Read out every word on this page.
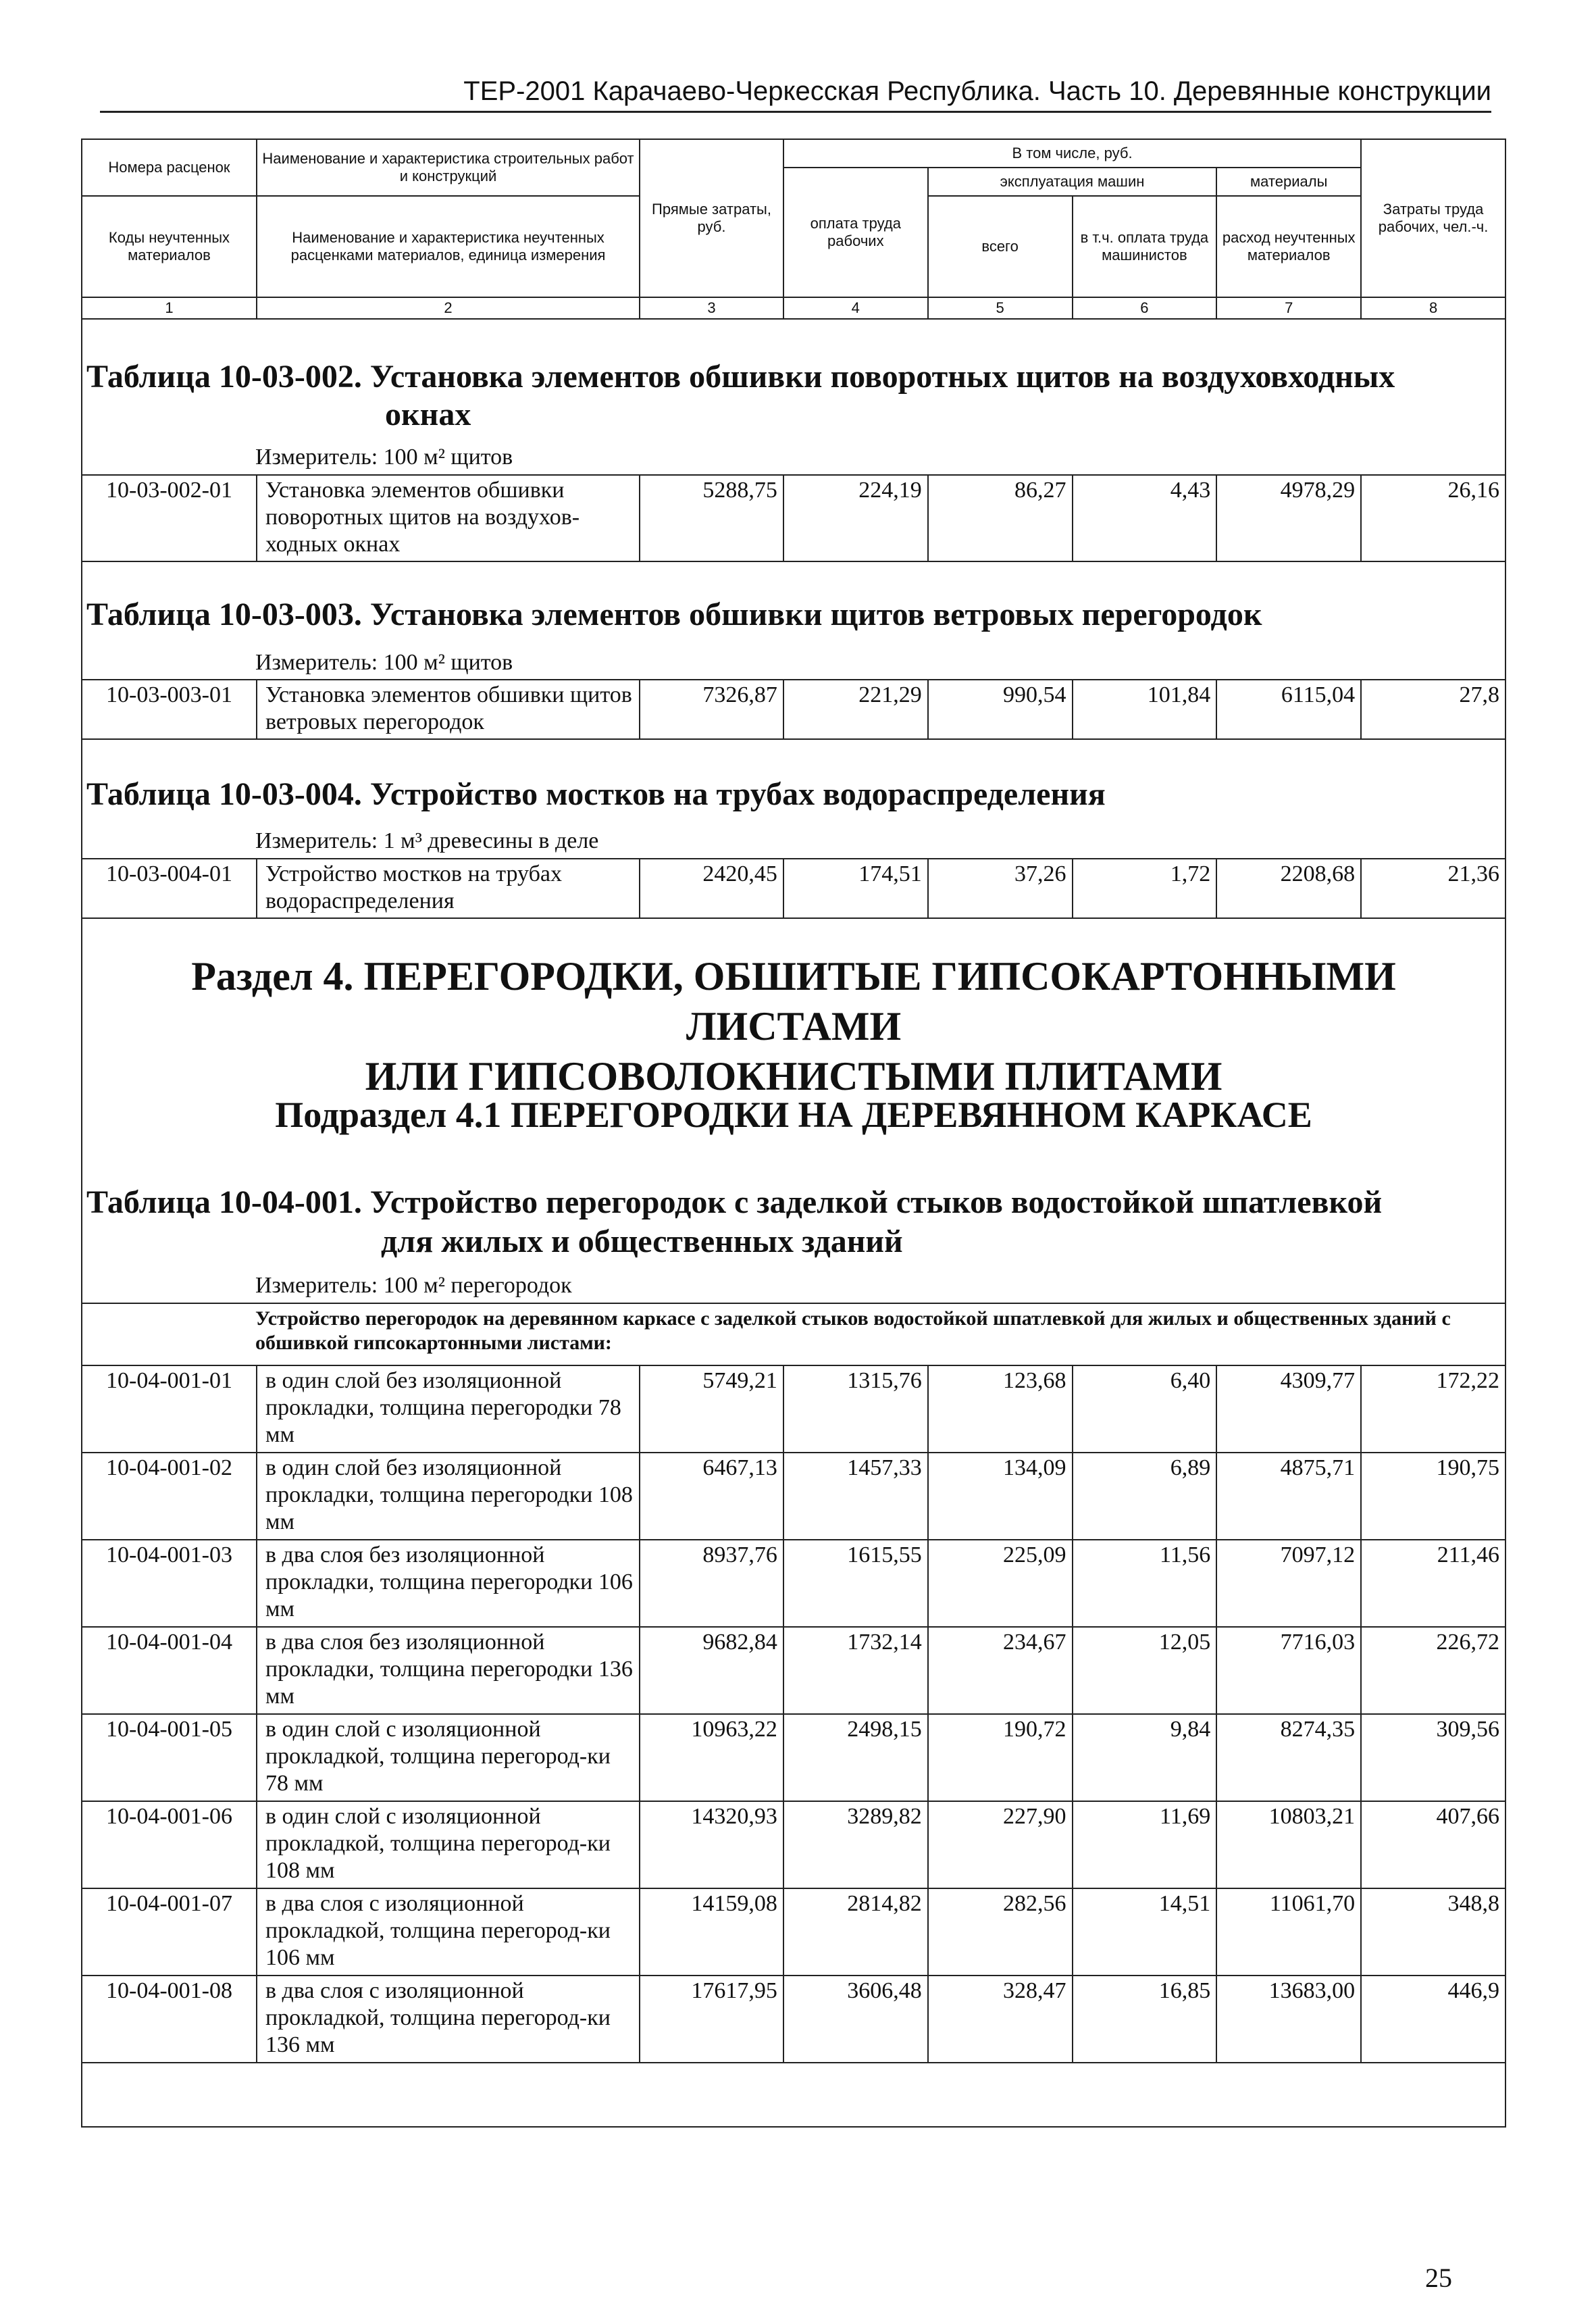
ТЕР-2001 Карачаево-Черкесская Республика. Часть 10. Деревянные конструкции
Номера расценок	Наименование и характеристика строительных работ и конструкций	Прямые затраты, руб.	В том числе, руб.				Затраты труда рабочих, чел.-ч.
			оплата труда рабочих	эксплуатация машин		материалы	
Коды неучтенных материалов	Наименование и характеристика неучтенных расценками материалов, единица измерения			всего	в т.ч. оплата труда машинистов	расход неучтенных материалов	

1	2	3	4	5	6	7	8
Таблица 10-03-002. Установка элементов обшивки поворотных щитов на воздуховходных
окнах
Измеритель: 100 м² щитов
10-03-002-01	Установка элементов обшивки поворотных щитов на воздухов-ходных окнах	5288,75	224,19	86,27	4,43	4978,29	26,16
Таблица 10-03-003. Установка элементов обшивки щитов ветровых перегородок
Измеритель: 100 м² щитов
10-03-003-01	Установка элементов обшивки щитов ветровых перегородок	7326,87	221,29	990,54	101,84	6115,04	27,8
Таблица 10-03-004. Устройство мостков на трубах водораспределения
Измеритель: 1 м³ древесины в деле
10-03-004-01	Устройство мостков на трубах водораспределения	2420,45	174,51	37,26	1,72	2208,68	21,36
Раздел 4. ПЕРЕГОРОДКИ, ОБШИТЫЕ ГИПСОКАРТОННЫМИ ЛИСТАМИ
ИЛИ ГИПСОВОЛОКНИСТЫМИ ПЛИТАМИ
Подраздел 4.1 ПЕРЕГОРОДКИ НА ДЕРЕВЯННОМ КАРКАСЕ
Таблица 10-04-001. Устройство перегородок с заделкой стыков водостойкой шпатлевкой
для жилых и общественных зданий
Измеритель: 100 м² перегородок
Устройство перегородок на деревянном каркасе с заделкой стыков водостойкой шпатлевкой для жилых и общественных зданий с обшивкой гипсокартонными листами:
10-04-001-01	в один слой без изоляционной прокладки, толщина перегородки 78 мм	5749,21	1315,76	123,68	6,40	4309,77	172,22
10-04-001-02	в один слой без изоляционной прокладки, толщина перегородки 108 мм	6467,13	1457,33	134,09	6,89	4875,71	190,75
10-04-001-03	в два слоя без изоляционной прокладки, толщина перегородки 106 мм	8937,76	1615,55	225,09	11,56	7097,12	211,46
10-04-001-04	в два слоя без изоляционной прокладки, толщина перегородки 136 мм	9682,84	1732,14	234,67	12,05	7716,03	226,72
10-04-001-05	в один слой с изоляционной прокладкой, толщина перегород-ки 78 мм	10963,22	2498,15	190,72	9,84	8274,35	309,56
10-04-001-06	в один слой с изоляционной прокладкой, толщина перегород-ки 108 мм	14320,93	3289,82	227,90	11,69	10803,21	407,66
10-04-001-07	в два слоя с изоляционной прокладкой, толщина перегород-ки 106 мм	14159,08	2814,82	282,56	14,51	11061,70	348,8
10-04-001-08	в два слоя с изоляционной прокладкой, толщина перегород-ки 136 мм	17617,95	3606,48	328,47	16,85	13683,00	446,9
25
